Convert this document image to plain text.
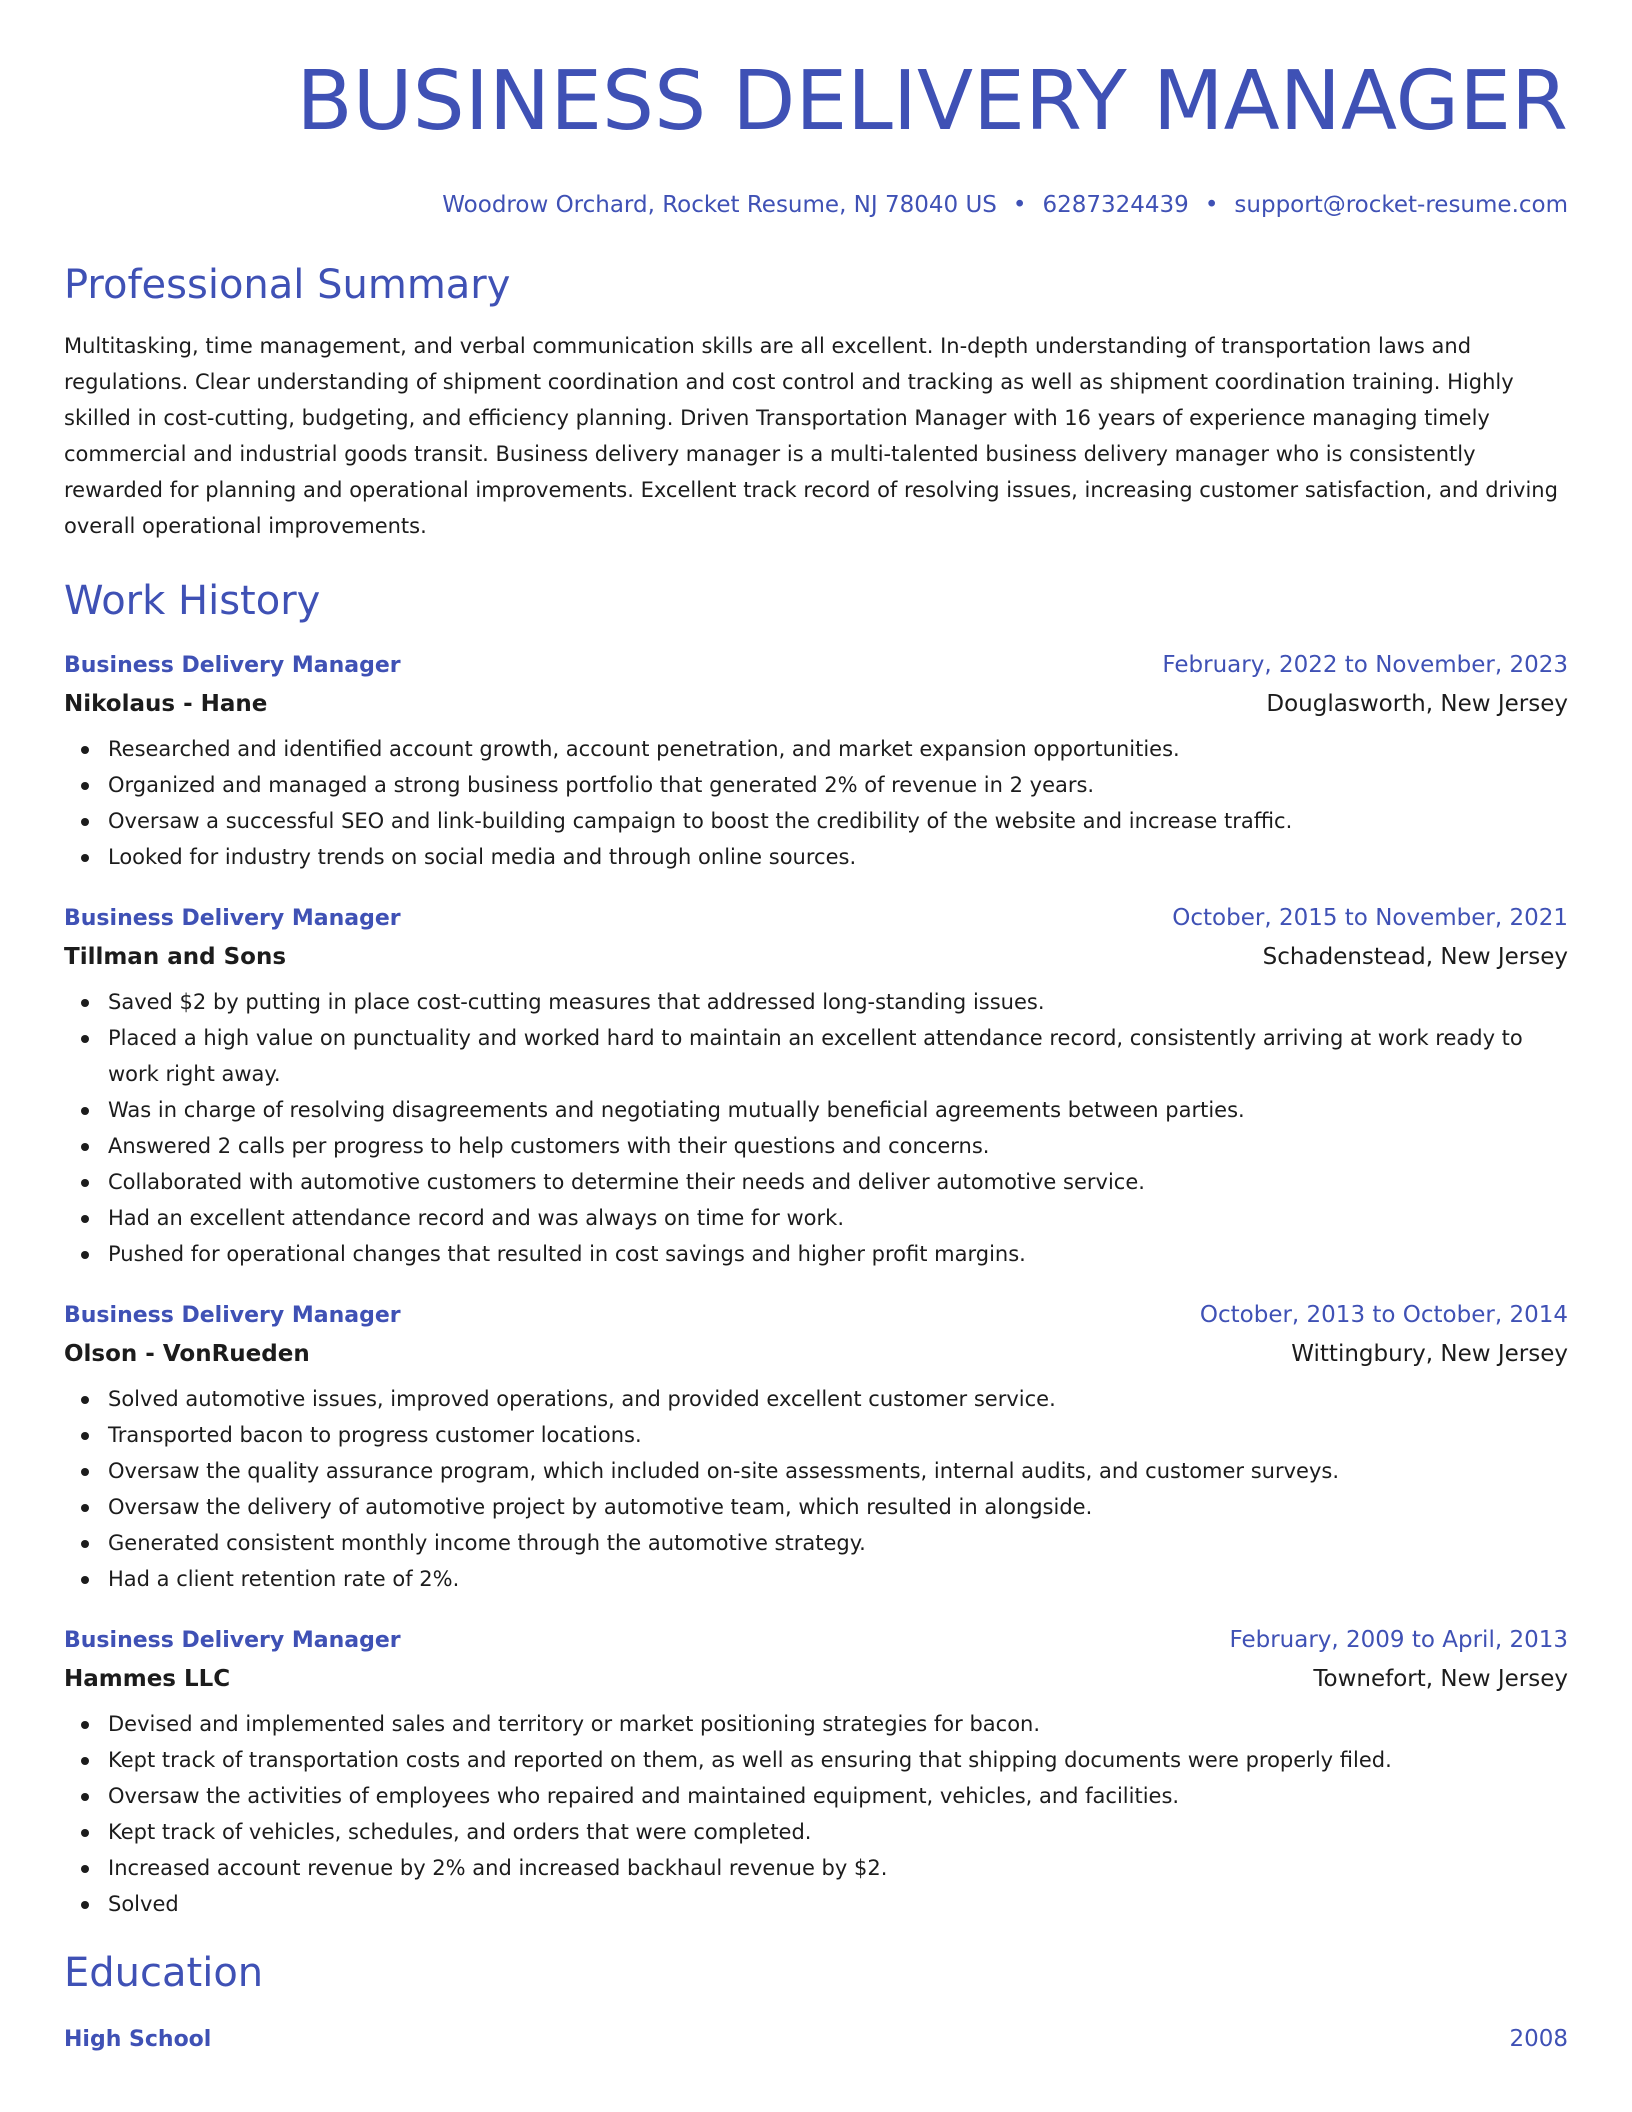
BUSINESS DELIVERY MANAGER
Woodrow Orchard, Rocket Resume, NJ 78040 US • 6287324439 • support@rocket-resume.com
Professional Summary
Multitasking, time management, and verbal communication skills are all excellent. In-depth understanding of transportation laws and regulations. Clear understanding of shipment coordination and cost control and tracking as well as shipment coordination training. Highly skilled in cost-cutting, budgeting, and efficiency planning. Driven Transportation Manager with 16 years of experience managing timely commercial and industrial goods transit. Business delivery manager is a multi-talented business delivery manager who is consistently rewarded for planning and operational improvements. Excellent track record of resolving issues, increasing customer satisfaction, and driving overall operational improvements.
Work History
Business Delivery Manager	February, 2022 to November, 2023
Nikolaus - Hane	Douglasworth, New Jersey
Researched and identified account growth, account penetration, and market expansion opportunities.
Organized and managed a strong business portfolio that generated 2% of revenue in 2 years.
Oversaw a successful SEO and link-building campaign to boost the credibility of the website and increase traffic.
Looked for industry trends on social media and through online sources.
Business Delivery Manager	October, 2015 to November, 2021
Tillman and Sons	Schadenstead, New Jersey
Saved $2 by putting in place cost-cutting measures that addressed long-standing issues.
Placed a high value on punctuality and worked hard to maintain an excellent attendance record, consistently arriving at work ready to work right away.
Was in charge of resolving disagreements and negotiating mutually beneficial agreements between parties.
Answered 2 calls per progress to help customers with their questions and concerns.
Collaborated with automotive customers to determine their needs and deliver automotive service.
Had an excellent attendance record and was always on time for work.
Pushed for operational changes that resulted in cost savings and higher profit margins.
Business Delivery Manager	October, 2013 to October, 2014
Olson - VonRueden	Wittingbury, New Jersey
Solved automotive issues, improved operations, and provided excellent customer service.
Transported bacon to progress customer locations.
Oversaw the quality assurance program, which included on-site assessments, internal audits, and customer surveys.
Oversaw the delivery of automotive project by automotive team, which resulted in alongside.
Generated consistent monthly income through the automotive strategy.
Had a client retention rate of 2%.
Business Delivery Manager	February, 2009 to April, 2013
Hammes LLC	Townefort, New Jersey
Devised and implemented sales and territory or market positioning strategies for bacon.
Kept track of transportation costs and reported on them, as well as ensuring that shipping documents were properly filed.
Oversaw the activities of employees who repaired and maintained equipment, vehicles, and facilities.
Kept track of vehicles, schedules, and orders that were completed.
Increased account revenue by 2% and increased backhaul revenue by $2.
Solved
Education
High School	2008
